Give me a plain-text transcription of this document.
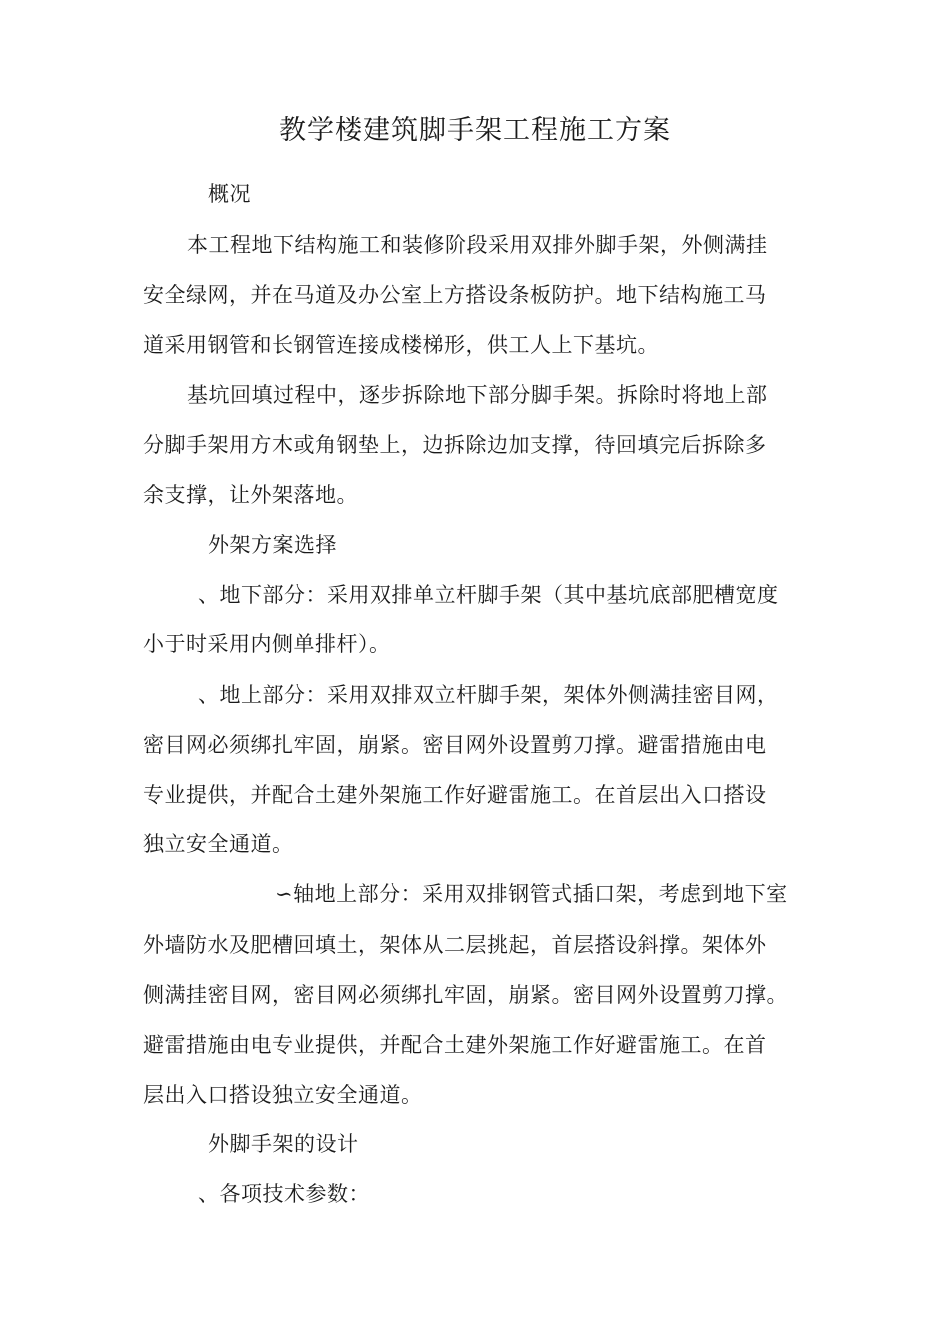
教学楼建筑脚手架工程施工方案
概况
本工程地下结构施工和装修阶段采用双排外脚手架，外侧满挂
安全绿网，并在马道及办公室上方搭设条板防护。地下结构施工马
道采用钢管和长钢管连接成楼梯形，供工人上下基坑。
基坑回填过程中，逐步拆除地下部分脚手架。拆除时将地上部
分脚手架用方木或角钢垫上，边拆除边加支撑，待回填完后拆除多
余支撑，让外架落地。
外架方案选择
、地下部分：采用双排单立杆脚手架（其中基坑底部肥槽宽度
小于时采用内侧单排杆）。
、地上部分：采用双排双立杆脚手架，架体外侧满挂密目网，
密目网必须绑扎牢固，崩紧。密目网外设置剪刀撑。避雷措施由电
专业提供，并配合土建外架施工作好避雷施工。在首层出入口搭设
独立安全通道。
∽轴地上部分：采用双排钢管式插口架，考虑到地下室
外墙防水及肥槽回填土，架体从二层挑起，首层搭设斜撑。架体外
侧满挂密目网，密目网必须绑扎牢固，崩紧。密目网外设置剪刀撑。
避雷措施由电专业提供，并配合土建外架施工作好避雷施工。在首
层出入口搭设独立安全通道。
外脚手架的设计
、各项技术参数：
